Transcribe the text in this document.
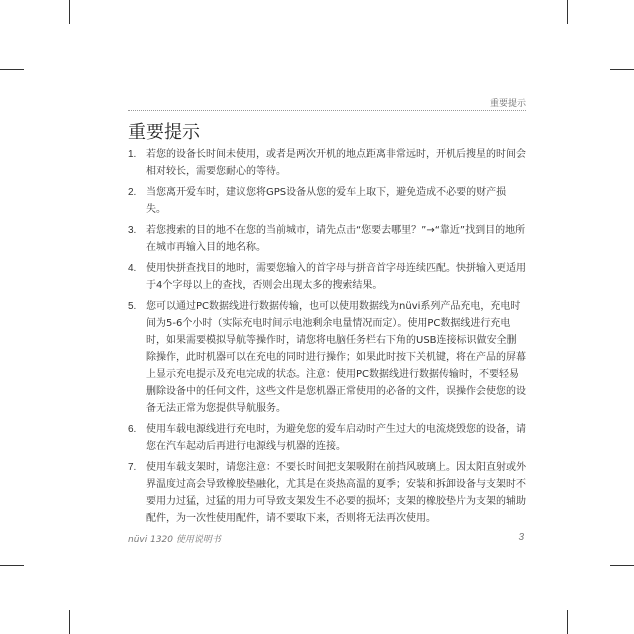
重要提示
重要提示
1. 若您的设备长时间未使用，或者是两次开机的地点距离非常远时，开机后搜星的时间会相对较长，需要您耐心的等待。
2. 当您离开爱车时，建议您将GPS设备从您的爱车上取下，避免造成不必要的财产损失。
3. 若您搜索的目的地不在您的当前城市，请先点击“您要去哪里？”→“靠近”找到目的地所在城市再输入目的地名称。
4. 使用快拼查找目的地时，需要您输入的首字母与拼音首字母连续匹配。快拼输入更适用于4个字母以上的查找，否则会出现太多的搜索结果。
5. 您可以通过PC数据线进行数据传输，也可以使用数据线为nüvi系列产品充电，充电时间为5-6个小时（实际充电时间示电池剩余电量情况而定）。使用PC数据线进行充电时，如果需要模拟导航等操作时，请您将电脑任务栏右下角的USB连接标识做安全删除操作，此时机器可以在充电的同时进行操作；如果此时按下关机键，将在产品的屏幕上显示充电提示及充电完成的状态。注意：使用PC数据线进行数据传输时，不要轻易删除设备中的任何文件，这些文件是您机器正常使用的必备的文件，误操作会使您的设备无法正常为您提供导航服务。
6. 使用车载电源线进行充电时，为避免您的爱车启动时产生过大的电流烧毁您的设备，请您在汽车起动后再进行电源线与机器的连接。
7. 使用车载支架时，请您注意：不要长时间把支架吸附在前挡风玻璃上。因太阳直射或外界温度过高会导致橡胶垫融化，尤其是在炎热高温的夏季；安装和拆卸设备与支架时不要用力过猛，过猛的用力可导致支架发生不必要的损坏；支架的橡胶垫片为支架的辅助配件，为一次性使用配件，请不要取下来，否则将无法再次使用。
nüvi 1320 使用说明书	3
